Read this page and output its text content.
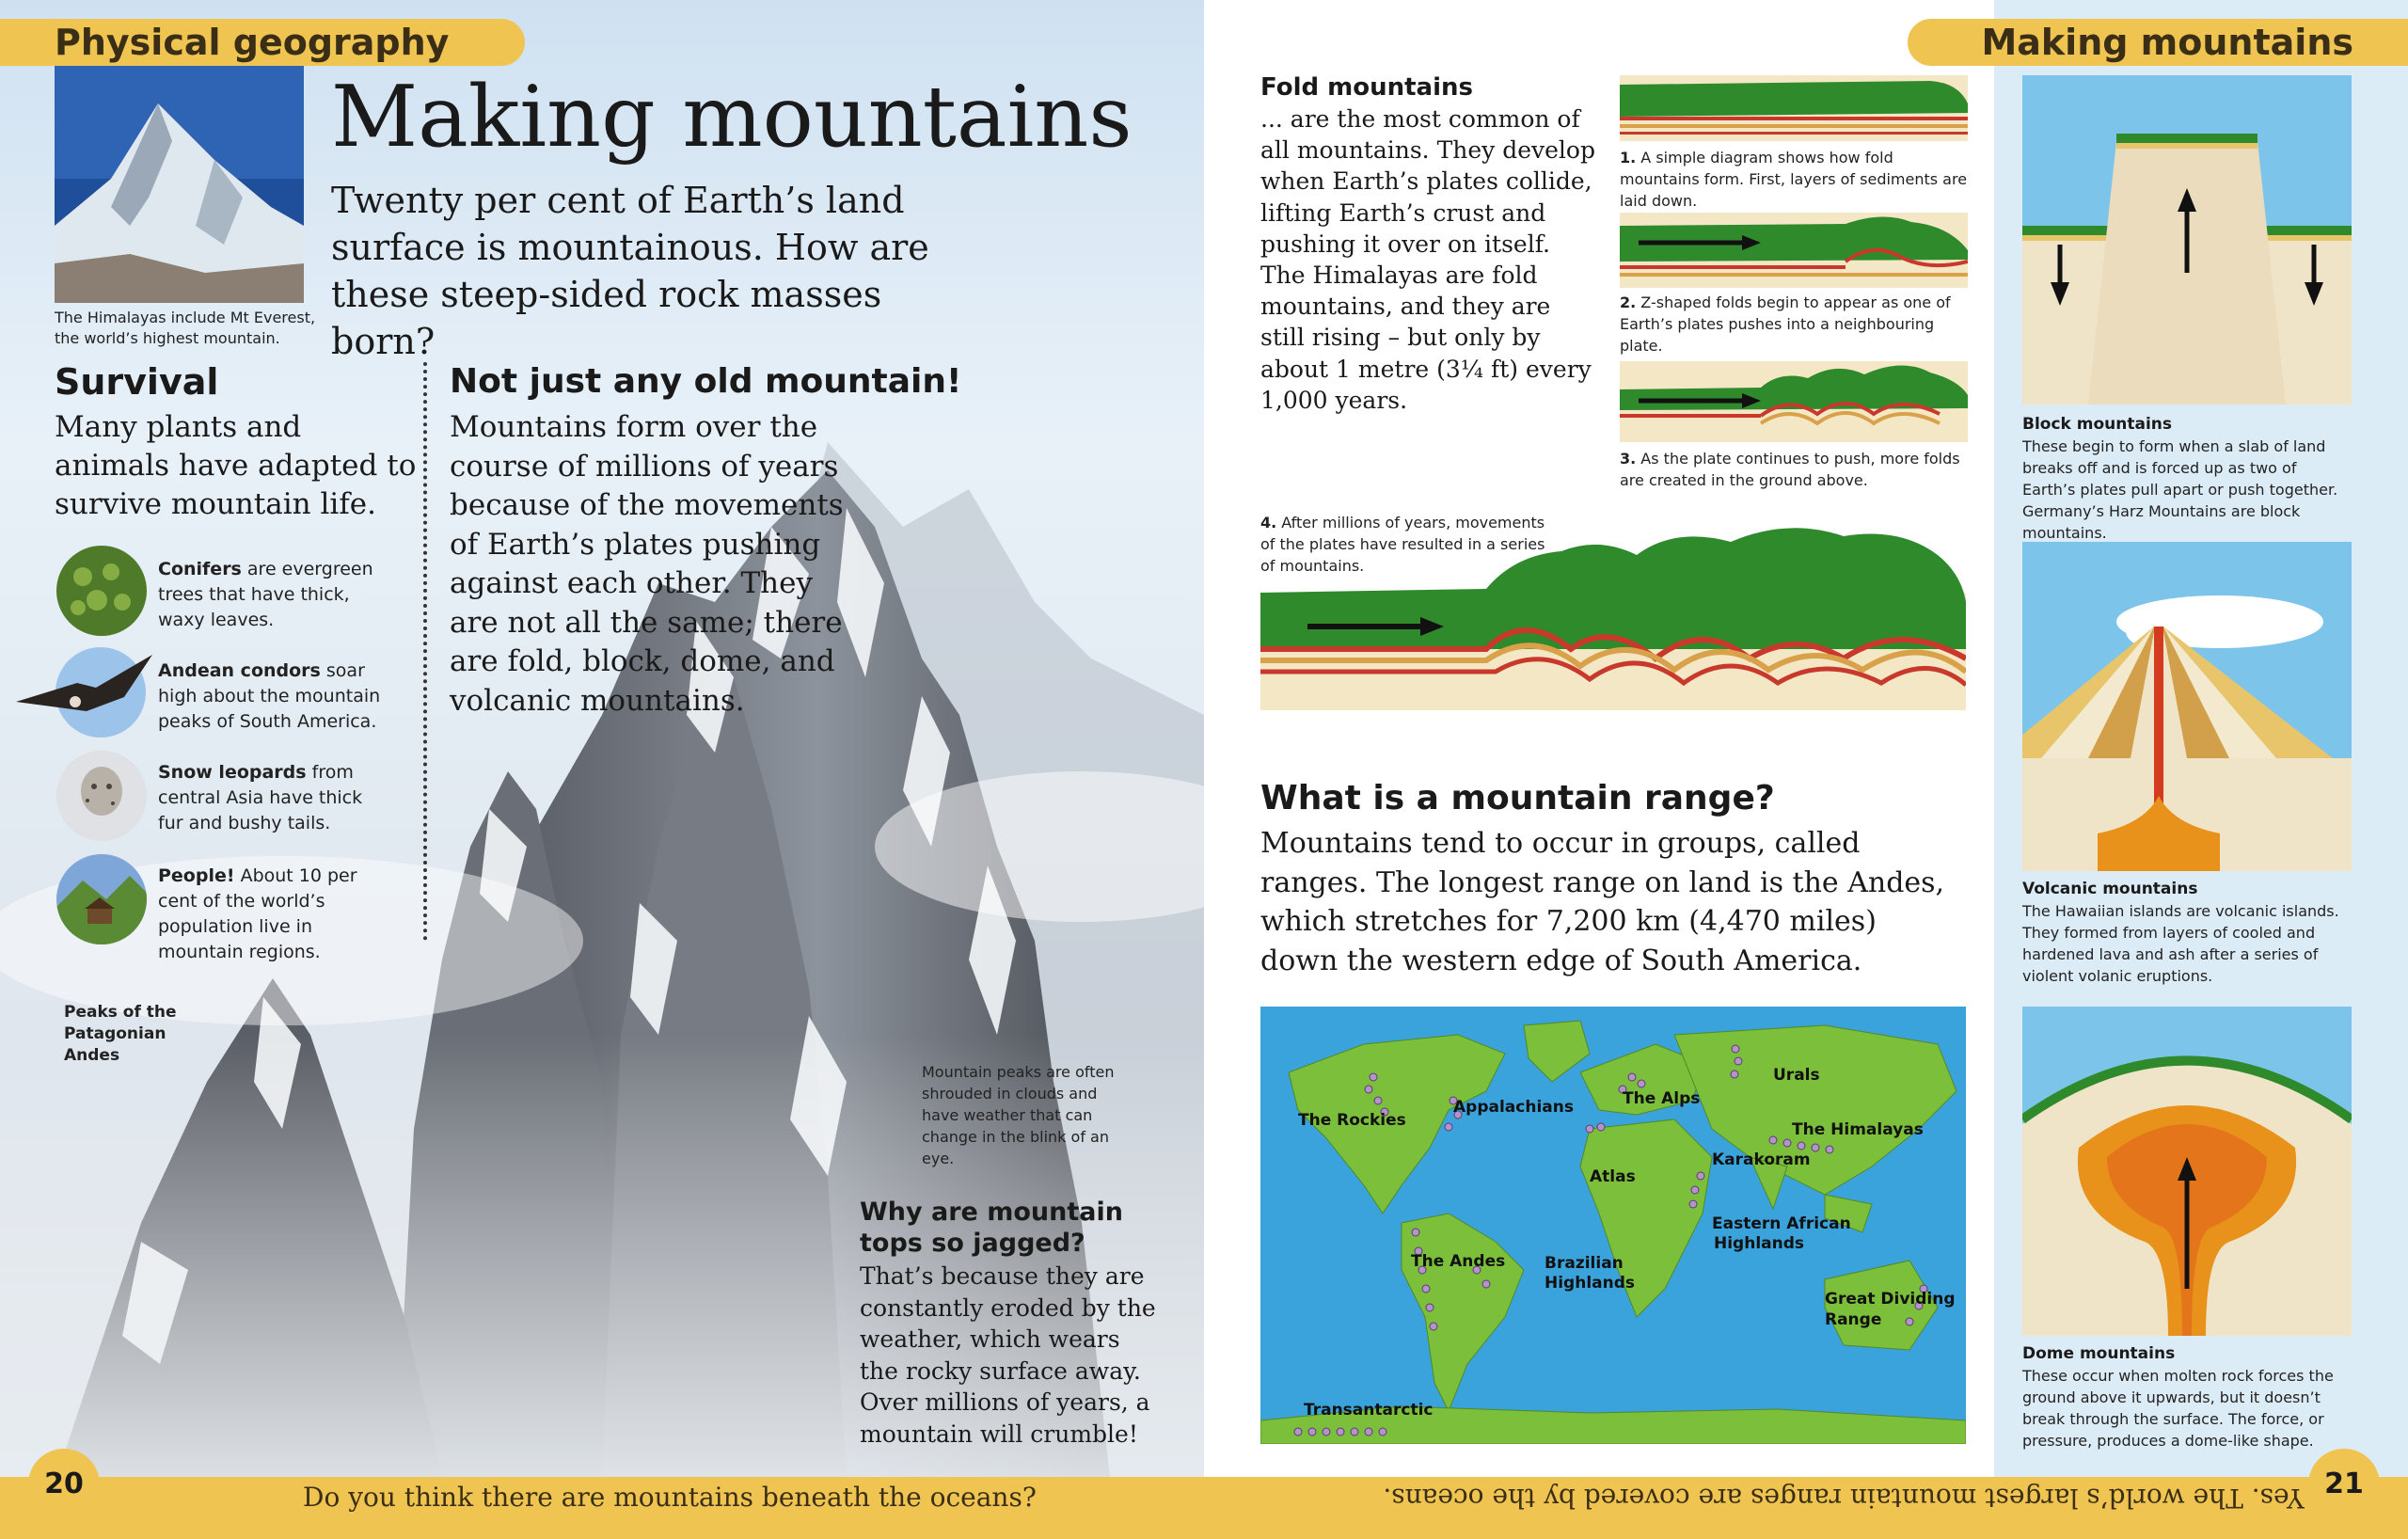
Physical geography
The Himalayas include Mt Everest, the world’s highest mountain.
Making mountains
Twenty per cent of Earth’s land surface is mountainous. How are these steep-sided rock masses born?
Survival
Many plants and animals have adapted to survive mountain life.
Conifers are evergreen trees that have thick, waxy leaves.
Andean condors soar high about the mountain peaks of South America.
Snow leopards from central Asia have thick fur and bushy tails.
People! About 10 per cent of the world’s population live in mountain regions.
Not just any old mountain!
Mountains form over the course of millions of years because of the movements of Earth’s plates pushing against each other. They are not all the same; there are fold, block, dome, and volcanic mountains.
Peaks of the Patagonian Andes
Mountain peaks are often shrouded in clouds and have weather that can change in the blink of an eye.
Why are mountain tops so jagged?
That’s because they are constantly eroded by the weather, which wears the rocky surface away. Over millions of years, a mountain will crumble!
Making mountains
Fold mountains
... are the most common of all mountains. They develop when Earth’s plates collide, lifting Earth’s crust and pushing it over on itself. The Himalayas are fold mountains, and they are still rising – but only by about 1 metre (3¼ ft) every 1,000 years.
1. A simple diagram shows how fold mountains form. First, layers of sediments are laid down.
2. Z-shaped folds begin to appear as one of Earth’s plates pushes into a neighbouring plate.
3. As the plate continues to push, more folds are created in the ground above.
4. After millions of years, movements of the plates have resulted in a series of mountains.
What is a mountain range?
Mountains tend to occur in groups, called ranges. The longest range on land is the Andes, which stretches for 7,200 km (4,470 miles) down the western edge of South America.
The Rockies
Appalachians	The Alps
Urals
The Himalayas
Karakoram
Atlas
The Andes Brazilian
Highlands
Eastern African
Highlands
Great Dividing
Range
Transantarctic
Block mountains
These begin to form when a slab of land breaks off and is forced up as two of Earth’s plates pull apart or push together. Germany’s Harz Mountains are block mountains.
Volcanic mountains
The Hawaiian islands are volcanic islands. They formed from layers of cooled and hardened lava and ash after a series of violent volanic eruptions.
Dome mountains
These occur when molten rock forces the ground above it upwards, but it doesn’t break through the surface. The force, or pressure, produces a dome-like shape.
20	21
Do you think there are mountains beneath the oceans?	Yes. The world’s largest mountain ranges are covered by the oceans.
